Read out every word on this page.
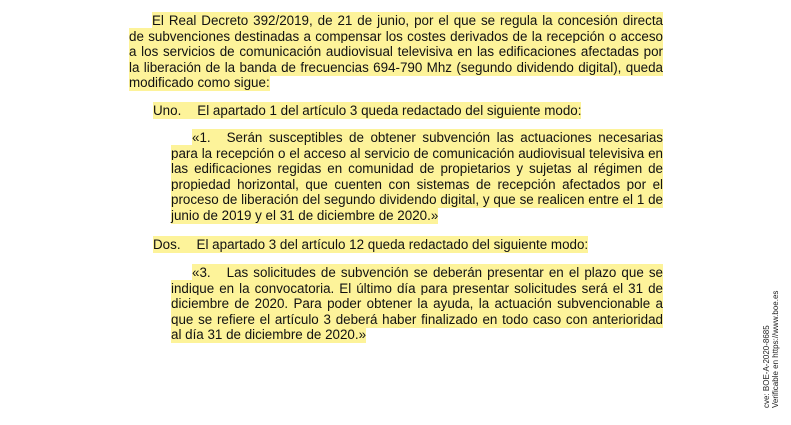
El Real Decreto 392/2019, de 21 de junio, por el que se regula la concesión directa de subvenciones destinadas a compensar los costes derivados de la recepción o acceso a los servicios de comunicación audiovisual televisiva en las edificaciones afectadas por la liberación de la banda de frecuencias 694-790 Mhz (segundo dividendo digital), queda modificado como sigue:
Uno. El apartado 1 del artículo 3 queda redactado del siguiente modo:
«1. Serán susceptibles de obtener subvención las actuaciones necesarias para la recepción o el acceso al servicio de comunicación audiovisual televisiva en las edificaciones regidas en comunidad de propietarios y sujetas al régimen de propiedad horizontal, que cuenten con sistemas de recepción afectados por el proceso de liberación del segundo dividendo digital, y que se realicen entre el 1 de junio de 2019 y el 31 de diciembre de 2020.»
Dos. El apartado 3 del artículo 12 queda redactado del siguiente modo:
«3. Las solicitudes de subvención se deberán presentar en el plazo que se indique en la convocatoria. El último día para presentar solicitudes será el 31 de diciembre de 2020. Para poder obtener la ayuda, la actuación subvencionable a que se refiere el artículo 3 deberá haber finalizado en todo caso con anterioridad al día 31 de diciembre de 2020.»	cve: BOE-A-2020-8685 Verificable en https://www.boe.es
